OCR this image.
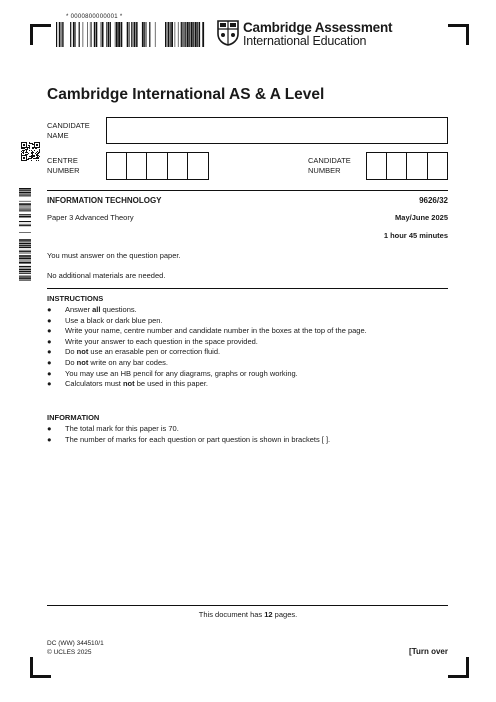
* 0000800000001 *
Cambridge Assessment
International Education
Cambridge International AS & A Level
CANDIDATE
NAME
CENTRE
NUMBER
CANDIDATE
NUMBER
INFORMATION TECHNOLOGY	9626/32
Paper 3 Advanced Theory	May/June 2025
1 hour 45 minutes
You must answer on the question paper.
No additional materials are needed.
INSTRUCTIONS
● Answer all questions.
● Use a black or dark blue pen.
● Write your name, centre number and candidate number in the boxes at the top of the page.
● Write your answer to each question in the space provided.
● Do not use an erasable pen or correction fluid.
● Do not write on any bar codes.
● You may use an HB pencil for any diagrams, graphs or rough working.
● Calculators must not be used in this paper.
INFORMATION
● The total mark for this paper is 70.
● The number of marks for each question or part question is shown in brackets [ ].
This document has 12 pages.
DC (WW) 344510/1
© UCLES 2025	[Turn over
